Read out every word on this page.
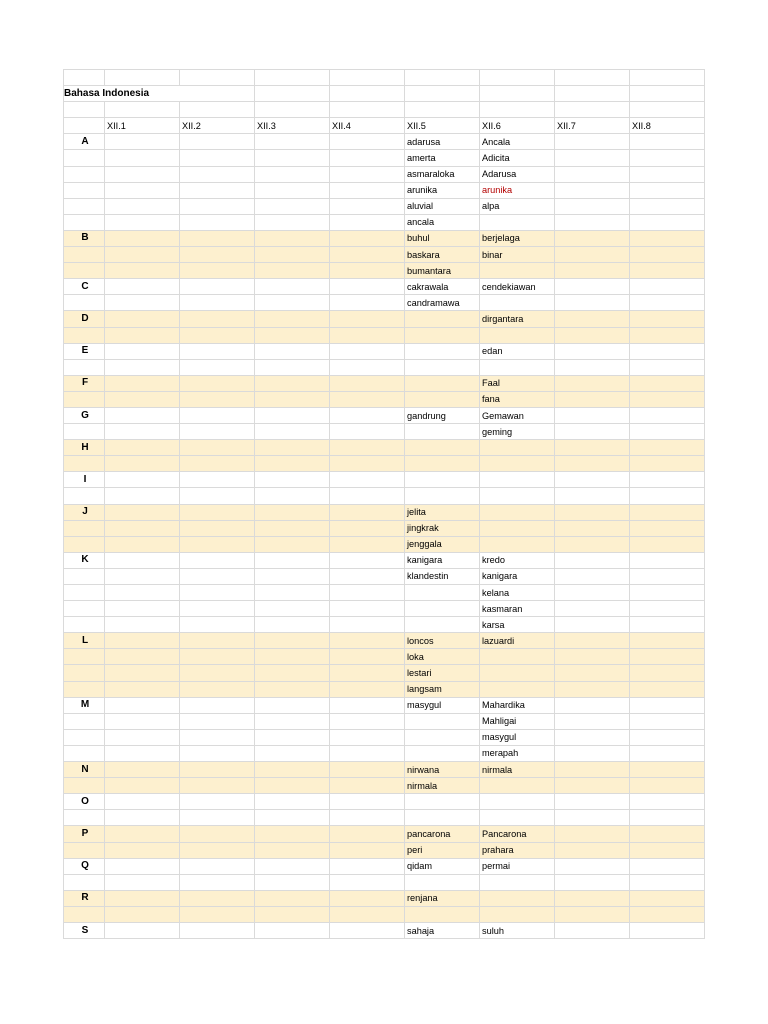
Bahasa Indonesia								

	XII.1	XII.2	XII.3	XII.4	XII.5	XII.6	XII.7	XII.8
A					adarusa	Ancala		
					amerta	Adicita		
					asmaraloka	Adarusa		
					arunika	arunika		
					aluvial	alpa		
					ancala			
B					buhul	berjelaga		
					baskara	binar		
					bumantara			
C					cakrawala	cendekiawan		
					candramawa			
D						dirgantara		

E						edan		

F						Faal		
						fana		
G					gandrung	Gemawan		
						geming		
H								

I								

J					jelita			
					jingkrak			
					jenggala			
K					kanigara	kredo		
					klandestin	kanigara		
						kelana		
						kasmaran		
						karsa		
L					loncos	lazuardi		
					loka			
					lestari			
					langsam			
M					masygul	Mahardika		
						Mahligai		
						masygul		
						merapah		
N					nirwana	nirmala		
					nirmala			
O								

P					pancarona	Pancarona		
					peri	prahara		
Q					qidam	permai		

R					renjana			

S					sahaja	suluh		
